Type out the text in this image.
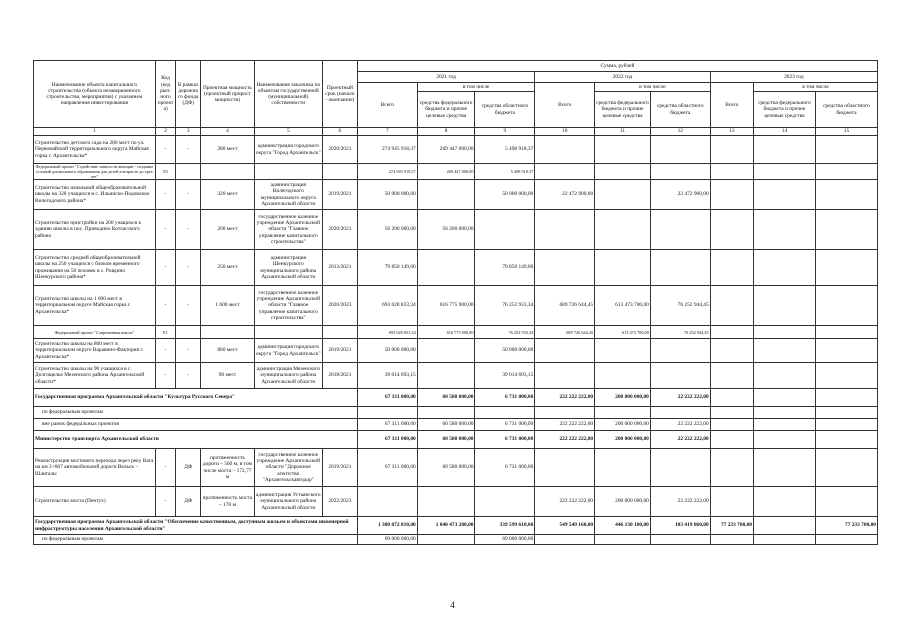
Наименование объекта капитального строительства (объекта незавершенного строительства, мероприятия) с указанием направления инвестирования	Код (код рып-ного проекта)	В рамках дорожного фонда (ДФ)	Проектная мощность (проектный прирост мощности)	Наименование заказчика по объектам государственной (муниципальной) собственности	Проектный срок (начало - окончание)	Сумма, рублей								
						2021 год			2022 год			2023 год		
						Всего	в том числе		Всего	в том числе		Всего	в том числе	
							средства федерального бюджета и прочие целевые средства	средства областного бюджета		средства федерального бюджета и прочие целевые средства	средства областного бюджета		средства федерального бюджета и прочие целевые средства	средства областного бюджета
1	2	3	4	5	6	7	8	9	10	11	12	13	14	15
Строительство детского сада на 280 мест по ул. Первомайской территориального округа Майская горка г. Архангельска*	-	-	280 мест	администрация городского округа "Город Архангельск"	2020/2021	274 945 918,37	269 447 000,00	5 498 918,37						
Федеральный проект "Содействие занятости женщин - создание условий дошкольного образования для детей в возрасте до трех лет"	Р2					274 945 918,37	269 447 000,00	5 498 918,37						
Строительство начальной общеобразовательной школы на 320 учащихся в с. Ильинско-Подомское Вилегодского района*	-	-	320 мест	администрация Вилегодского муниципального округа Архангельской области	2019/2021	50 000 000,00		50 000 000,00	22 472 900,00		22 472 900,00			
Строительство пристройки на 200 учащихся к зданию школы в пос. Приводино Котласского района	-	-	200 мест	государственное казенное учреждение Архангельской области "Главное управление капитального строительства"	2020/2021	56 200 000,00	56 200 000,00							
Строительство средней общеобразовательной школы на 250 учащихся с блоком временного проживания на 50 человек в с. Ровдино Шенкурского района*	-	-	250 мест	администрация Шенкурского муниципального района Архангельской области	2013/2021	79 850 149,00		79 850 149,00						
Строительство школы на 1 600 мест в территориальном округе Майская горка г. Архангельска*	-	-	1 600 мест	государственное казенное учреждение Архангельской области "Главное управление капитального строительства"	2020/2023	693 028 833,34	616 775 900,00	76 252 933,34	689 726 644,45	613 473 700,00	76 252 944,45			
Федеральный проект "Современная школа"	Е1					693 028 833,34	616 775 900,00	76 252 933,34	689 726 644,45	613 473 700,00	76 252 944,45			
Строительство школы на 860 мест в территориальном округе Варавино-Фактория г. Архангельска*	-	-	860 мест	администрация городского округа "Город Архангельск"	2019/2021	50 000 000,00		50 000 000,00						
Строительство школы на 90 учащихся в с. Долгощелье Мезенского района Архангельской области*	-	-	90 мест	администрация Мезенского муниципального района Архангельской области	2018/2021	39 014 693,15		39 014 693,15						
Государственная программа Архангельской области "Культура Русского Севера"						67 311 000,00	60 580 000,00	6 731 000,00	222 222 222,00	200 000 000,00	22 222 222,00			
по федеральным проектам														
вне рамок федеральных проектов						67 311 000,00	60 580 000,00	6 731 000,00	222 222 222,00	200 000 000,00	22 222 222,00			
Министерство транспорта Архангельской области						67 311 000,00	60 580 000,00	6 731 000,00	222 222 222,00	200 000 000,00	22 222 222,00			
Реконструкция мостового перехода через реку Вага на км 2+067 автомобильной дороги Вельск – Шангалы	-	ДФ	протяженность дороги – 560 м, в том числе моста – 172,77 м	государственное казенное учреждение Архангельской области "Дорожное агентство "Архангельскавтодор"	2019/2021	67 311 000,00	60 580 000,00	6 731 000,00						
Строительство моста (Пентух)	-	ДФ	протяженность моста – 170 м	администрация Устьянского муниципального района Архангельской области	2022/2023				222 222 222,00	200 000 000,00	22 222 222,00			
Государственная программа Архангельской области "Обеспечение качественным, доступным жильем и объектами инженерной инфраструктуры населения Архангельской области"						1 380 072 810,00	1 040 473 200,00	339 599 610,00	549 549 160,00	446 130 100,00	103 419 060,00	77 233 700,00		77 233 700,00
по федеральным проектам						69 000 000,00		69 000 000,00						
4
